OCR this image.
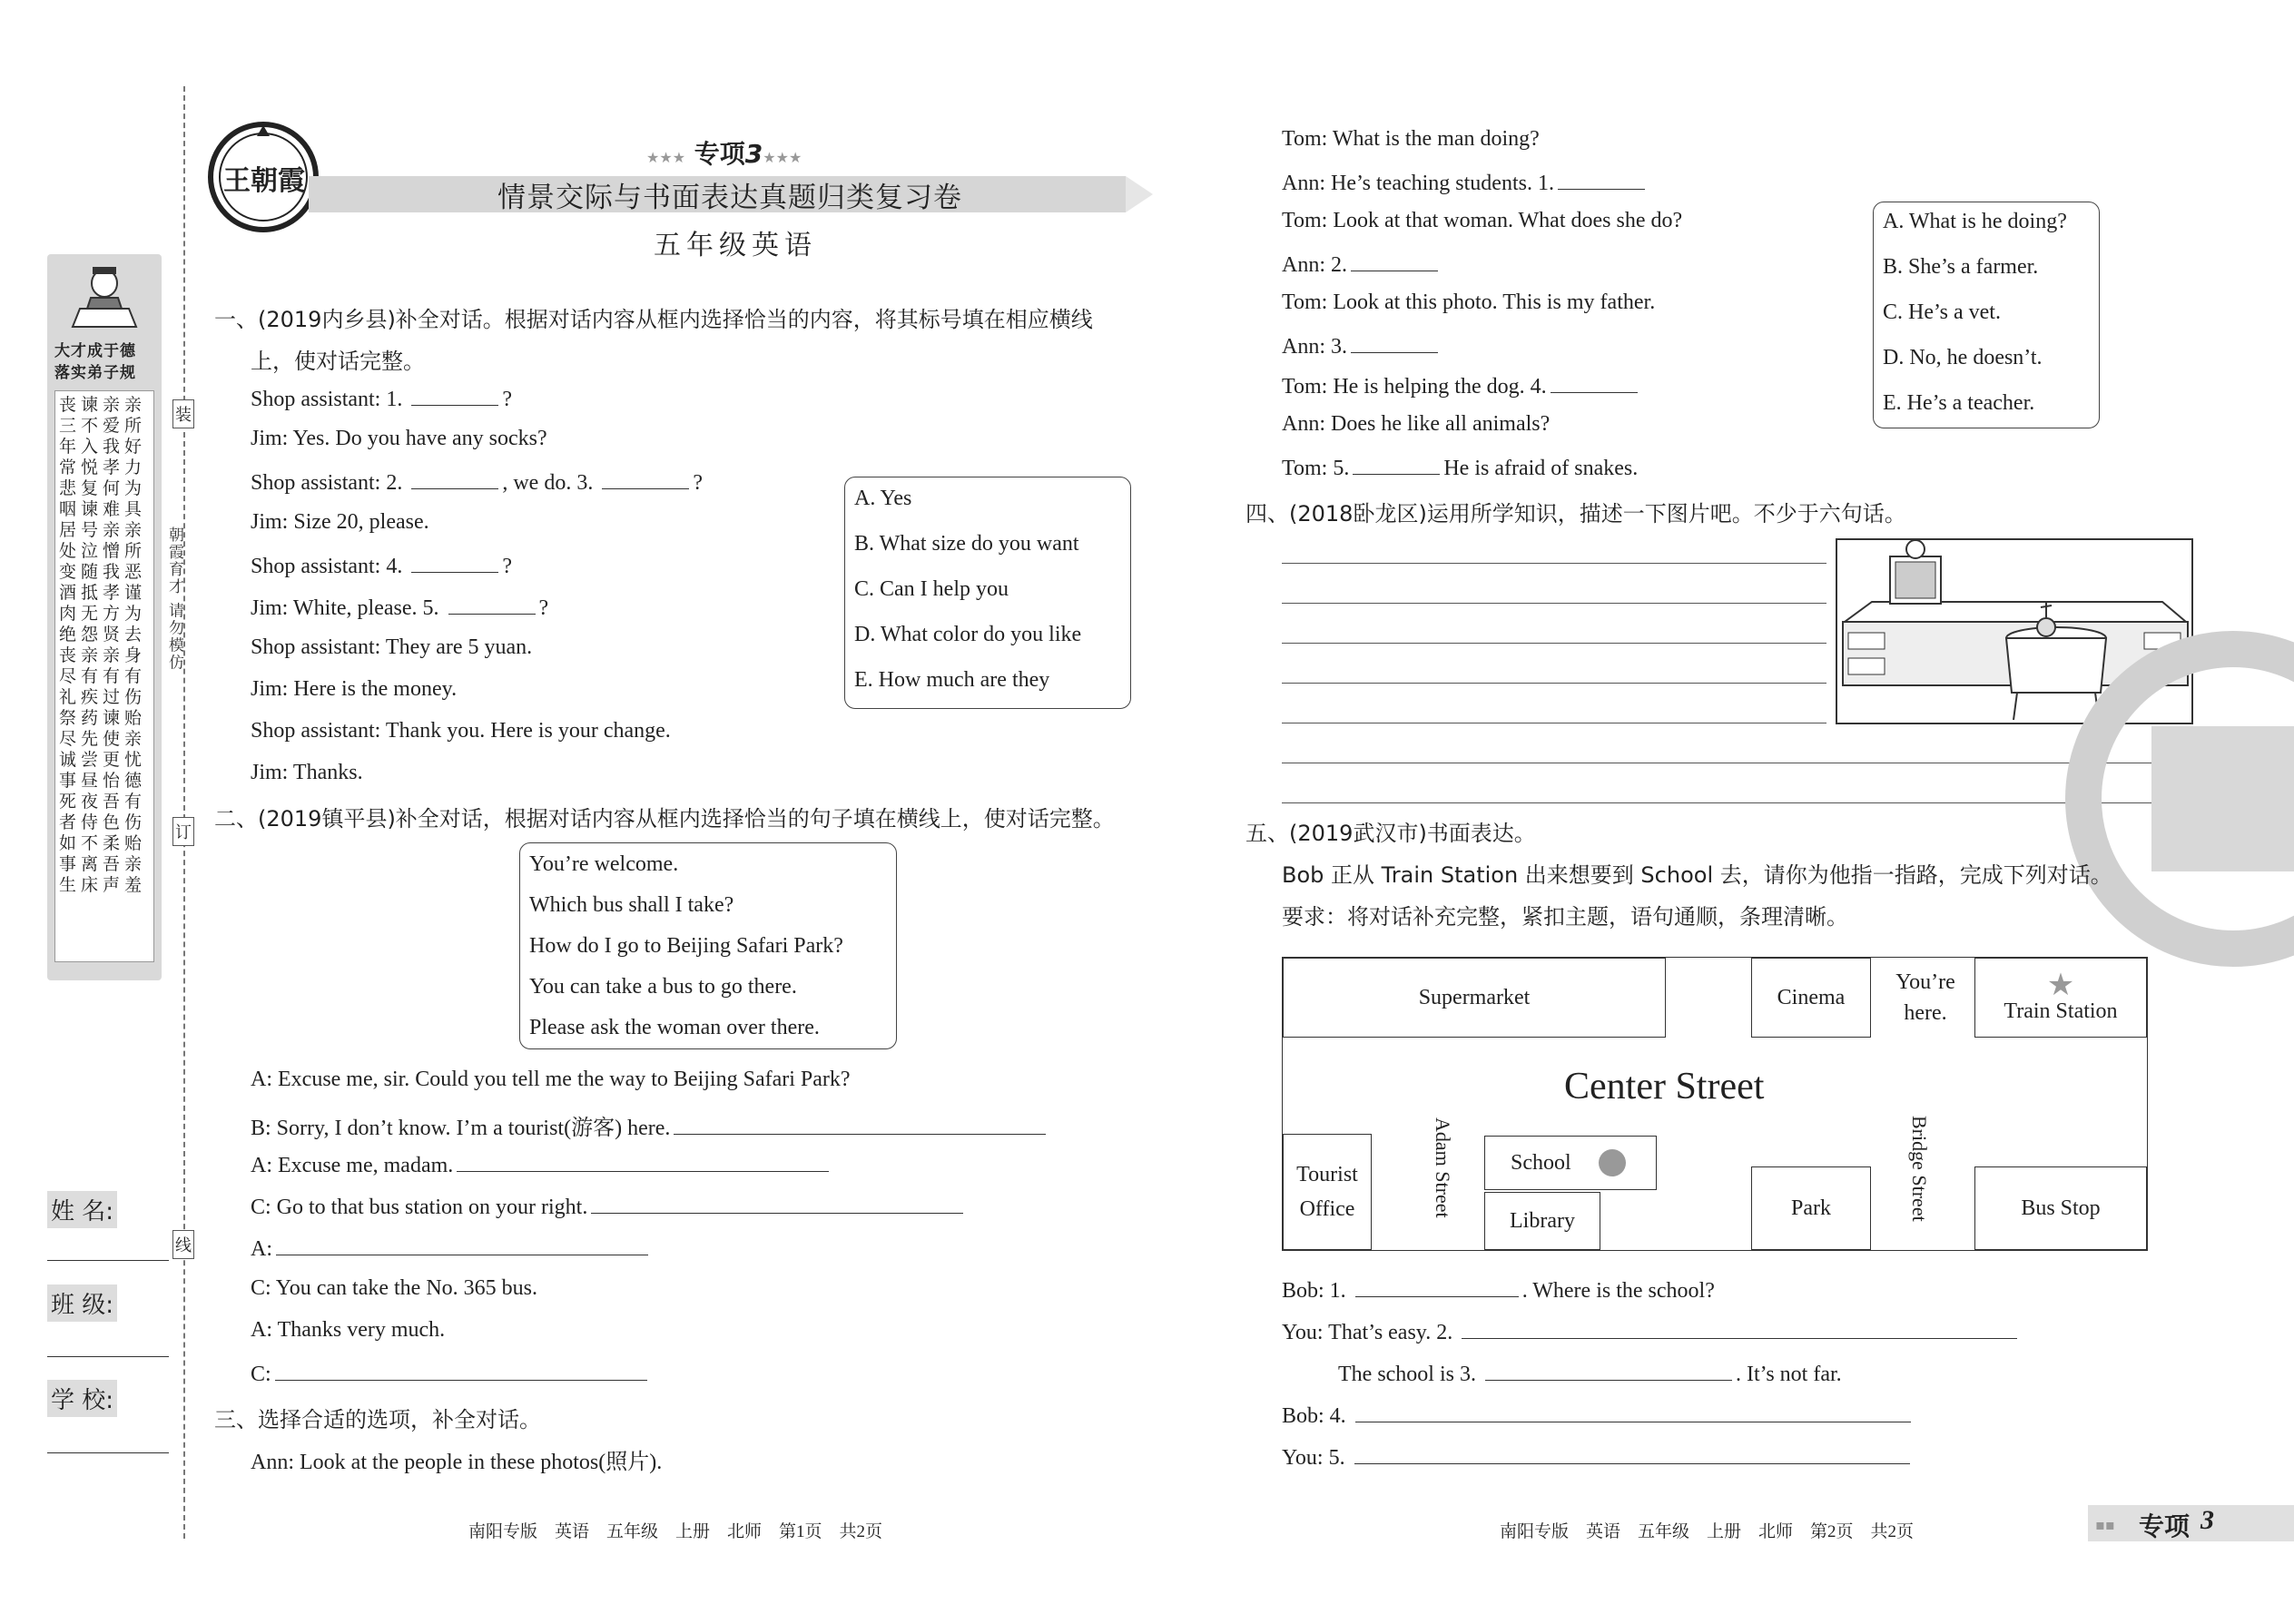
大才成于德
落实弟子规
丧谏亲亲 三不爱所 年入我好 常悦孝力 悲复何为 咽谏难具 居号亲亲 处泣憎所 变随我恶 酒抵孝谨 肉无方为 绝怨贤去 丧亲亲身 尽有有有 礼疾过伤 祭药谏贻 尽先使亲 诚尝更忧 事昼怡德 死夜吾有 者侍色伤 如不柔贻 事离吾亲 生床声羞
装
订
线
朝霞育才 请勿模仿
姓 名:
班 级:
学 校:
王朝霞
★★★ 专项3★★★
情景交际与书面表达真题归类复习卷
五年级英语
一、(2019内乡县)补全对话。根据对话内容从框内选择恰当的内容，将其标号填在相应横线
上，使对话完整。
Shop assistant: 1.	?
Jim: Yes. Do you have any socks?
Shop assistant: 2.	, we do. 3.	?
Jim: Size 20, please.
Shop assistant: 4.	?
Jim: White, please. 5.	?
Shop assistant: They are 5 yuan.
Jim: Here is the money.
Shop assistant: Thank you. Here is your change.
Jim: Thanks.
A. Yes
B. What size do you want
C. Can I help you
D. What color do you like
E. How much are they
二、(2019镇平县)补全对话，根据对话内容从框内选择恰当的句子填在横线上，使对话完整。
You’re welcome.
Which bus shall I take?
How do I go to Beijing Safari Park?
You can take a bus to go there.
Please ask the woman over there.
A: Excuse me, sir. Could you tell me the way to Beijing Safari Park?
B: Sorry, I don’t know. I’m a tourist(游客) here.
A: Excuse me, madam.
C: Go to that bus station on your right.
A:
C: You can take the No. 365 bus.
A: Thanks very much.
C:
三、选择合适的选项，补全对话。
Ann: Look at the people in these photos(照片).
Tom: What is the man doing?
Ann: He’s teaching students. 1.
Tom: Look at that woman. What does she do?
Ann: 2.
Tom: Look at this photo. This is my father.
Ann: 3.
Tom: He is helping the dog. 4.
Ann: Does he like all animals?
Tom: 5.	He is afraid of snakes.
A. What is he doing?
B. She’s a farmer.
C. He’s a vet.
D. No, he doesn’t.
E. He’s a teacher.
四、(2018卧龙区)运用所学知识，描述一下图片吧。不少于六句话。
五、(2019武汉市)书面表达。
Bob 正从 Train Station 出来想要到 School 去，请你为他指一指路，完成下列对话。
要求：将对话补充完整，紧扣主题，语句通顺，条理清晰。
Supermarket	Cinema
You’re
here.
★
Train Station
Center Street
Tourist
Office	Adam Street	School
Library
Park	Bridge Street	Bus Stop
Bob: 1.	. Where is the school?
You: That’s easy. 2.
The school is 3.	. It’s not far.
Bob: 4.
You: 5.
南阳专版　英语　五年级　上册　北师　第1页　共2页	南阳专版　英语　五年级　上册　北师　第2页　共2页	▪▪ 专项 3
